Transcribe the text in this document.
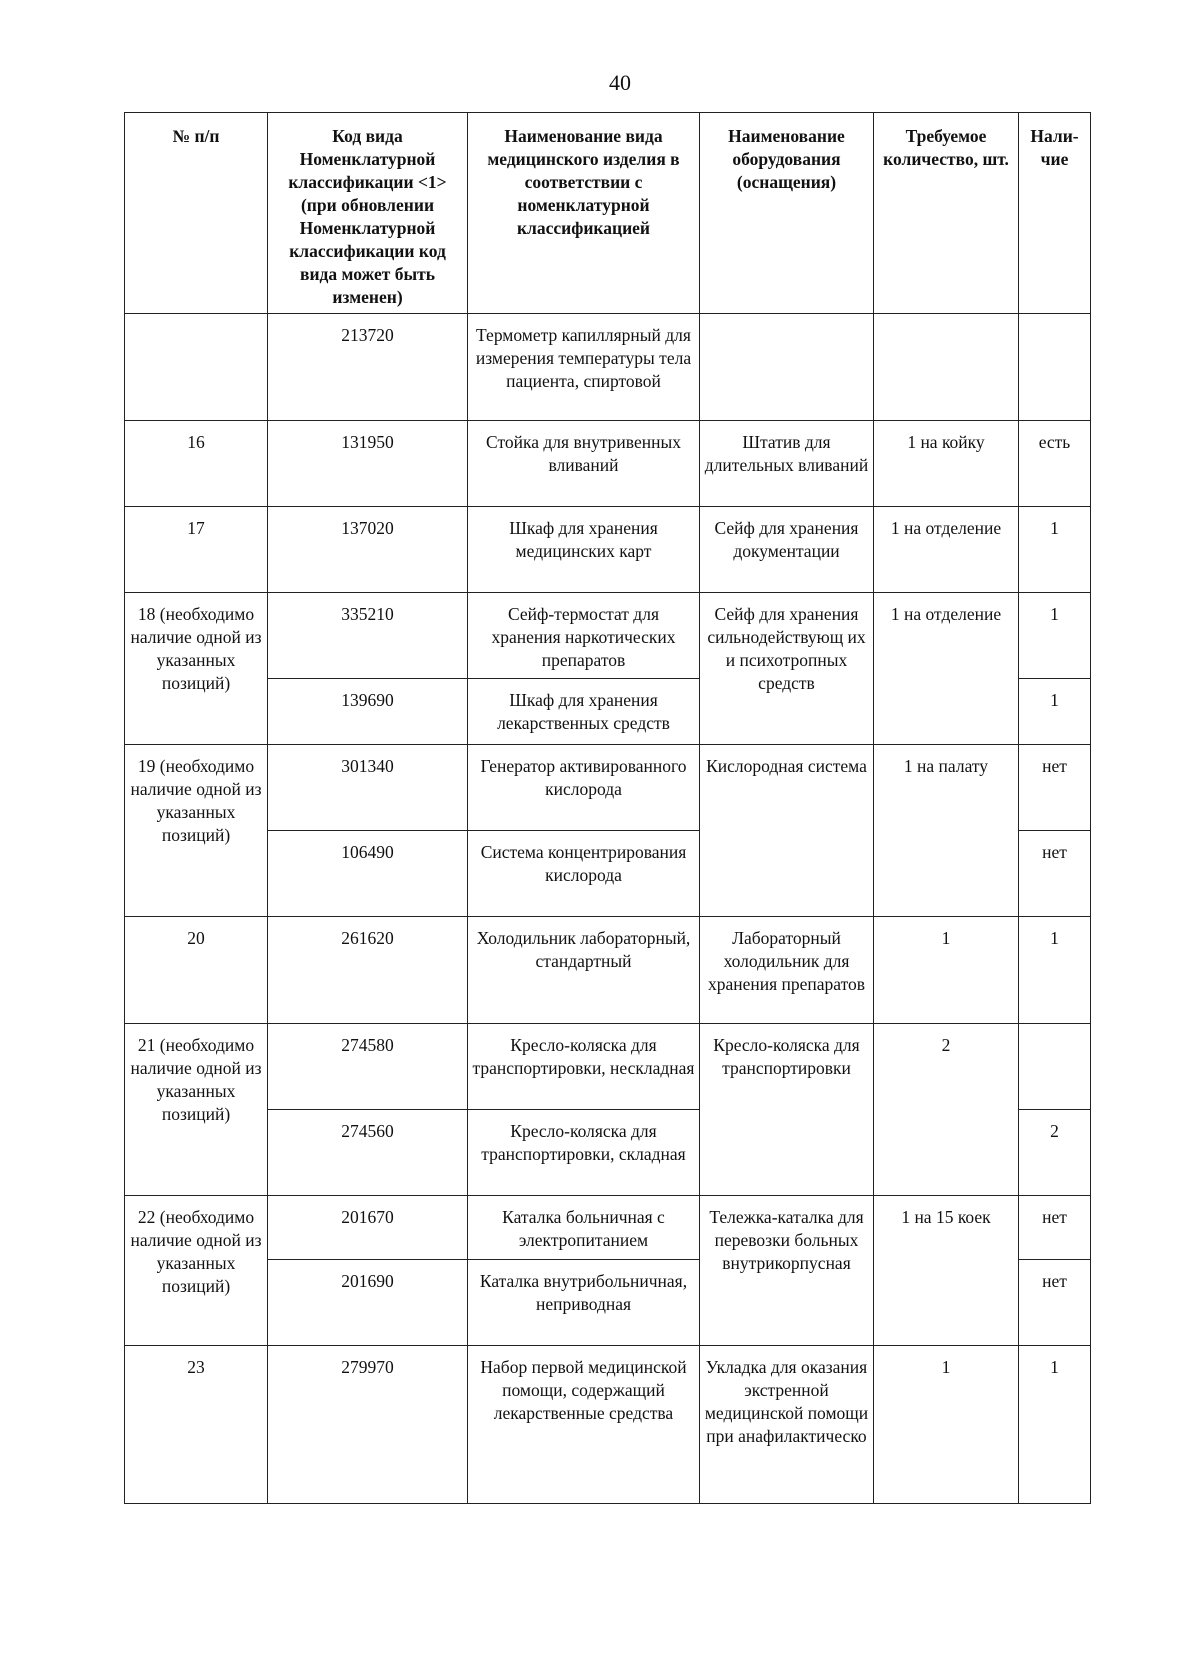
40
№ п/п	Код вида Номенклатурной классификации <1> (при обновлении Номенклатурной классификации код вида может быть изменен)	Наименование вида медицинского изделия в соответствии с номенклатурной классификацией	Наименование оборудования (оснащения)	Требуемое количество, шт.	Нали-чие
	213720	Термометр капиллярный для измерения температуры тела пациента, спиртовой			
16	131950	Стойка для внутривенных вливаний	Штатив для длительных вливаний	1 на койку	есть
17	137020	Шкаф для хранения медицинских карт	Сейф для хранения документации	1 на отделение	1
18 (необходимо наличие одной из указанных позиций)	335210	Сейф-термостат для хранения наркотических препаратов	Сейф для хранения сильнодействующ их и психотропных средств	1 на отделение	1
	139690	Шкаф для хранения лекарственных средств			1
19 (необходимо наличие одной из указанных позиций)	301340	Генератор активированного кислорода	Кислородная система	1 на палату	нет
	106490	Система концентрирования кислорода			нет
20	261620	Холодильник лабораторный, стандартный	Лабораторный холодильник для хранения препаратов	1	1
21 (необходимо наличие одной из указанных позиций)	274580	Кресло-коляска для транспортировки, нескладная	Кресло-коляска для транспортировки	2	
	274560	Кресло-коляска для транспортировки, складная			2
22 (необходимо наличие одной из указанных позиций)	201670	Каталка больничная с электропитанием	Тележка-каталка для перевозки больных внутрикорпусная	1 на 15 коек	нет
	201690	Каталка внутрибольничная, неприводная			нет
23	279970	Набор первой медицинской помощи, содержащий лекарственные средства	Укладка для оказания экстренной медицинской помощи при анафилактическо	1	1
